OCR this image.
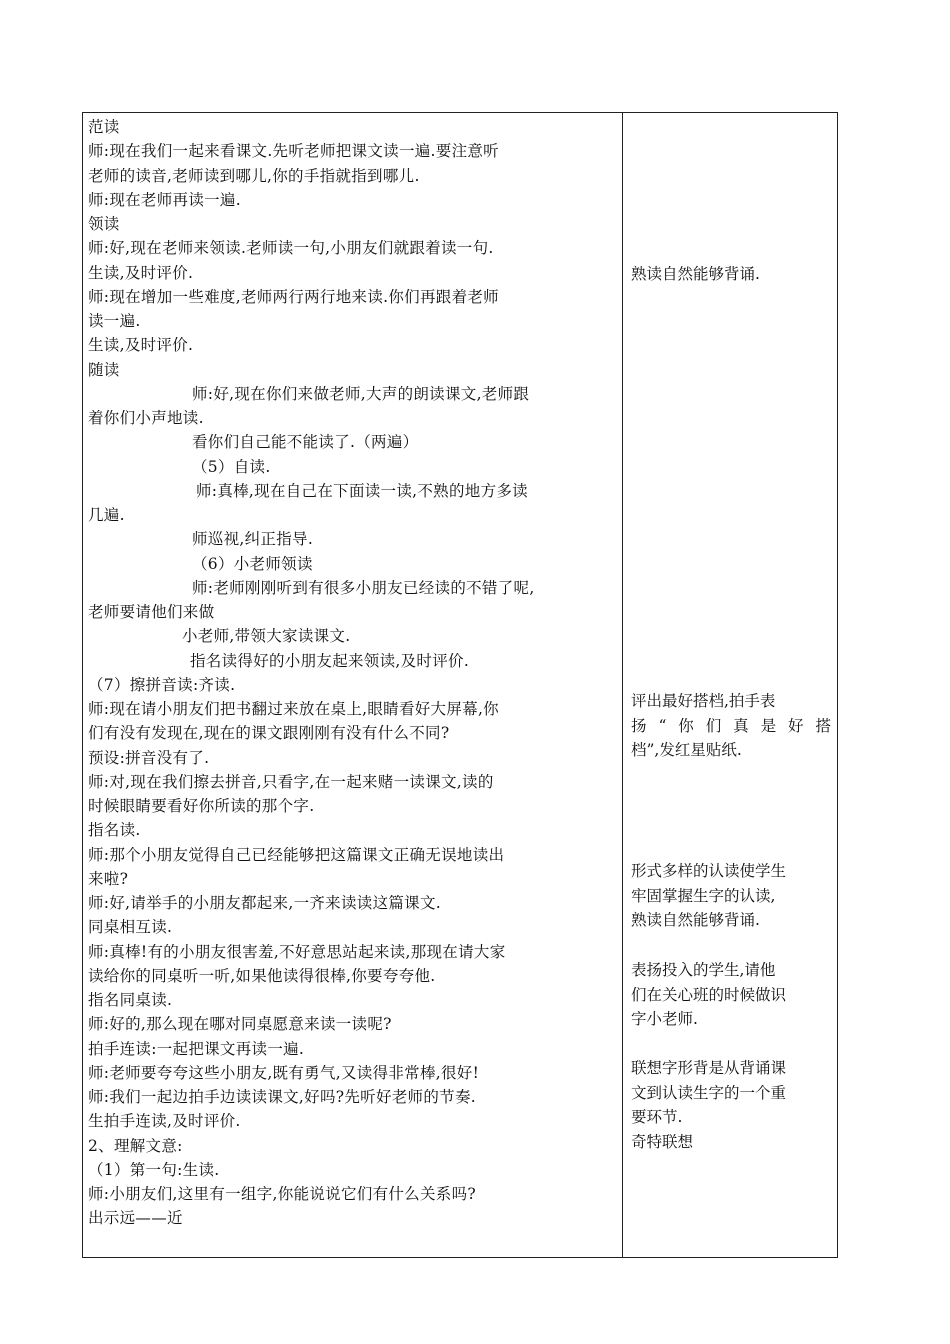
范读
师:现在我们一起来看课文.先听老师把课文读一遍.要注意听
老师的读音,老师读到哪儿,你的手指就指到哪儿.
师:现在老师再读一遍.
领读
师:好,现在老师来领读.老师读一句,小朋友们就跟着读一句.
生读,及时评价.
师:现在增加一些难度,老师两行两行地来读.你们再跟着老师
读一遍.
生读,及时评价.
随读
师:好,现在你们来做老师,大声的朗读课文,老师跟
着你们小声地读.
看你们自己能不能读了.（两遍）
（5）自读.
师:真棒,现在自己在下面读一读,不熟的地方多读
几遍.
师巡视,纠正指导.
（6）小老师领读
师:老师刚刚听到有很多小朋友已经读的不错了呢,
老师要请他们来做
小老师,带领大家读课文.
指名读得好的小朋友起来领读,及时评价.
（7）擦拼音读:齐读.
师:现在请小朋友们把书翻过来放在桌上,眼睛看好大屏幕,你
们有没有发现在,现在的课文跟刚刚有没有什么不同?
预设:拼音没有了.
师:对,现在我们擦去拼音,只看字,在一起来赌一读课文,读的
时候眼睛要看好你所读的那个字.
指名读.
师:那个小朋友觉得自己已经能够把这篇课文正确无误地读出
来啦?
师:好,请举手的小朋友都起来,一齐来读读这篇课文.
同桌相互读.
师:真棒!有的小朋友很害羞,不好意思站起来读,那现在请大家
读给你的同桌听一听,如果他读得很棒,你要夸夸他.
指名同桌读.
师:好的,那么现在哪对同桌愿意来读一读呢?
拍手连读:一起把课文再读一遍.
师:老师要夸夸这些小朋友,既有勇气,又读得非常棒,很好!
师:我们一起边拍手边读读课文,好吗?先听好老师的节奏.
生拍手连读,及时评价.
2、理解文意:
（1）第一句:生读.
师:小朋友们,这里有一组字,你能说说它们有什么关系吗?
出示远——近
熟读自然能够背诵.
评出最好搭档,拍手表
扬“你们真是好搭
档”,发红星贴纸.
形式多样的认读使学生
牢固掌握生字的认读,
熟读自然能够背诵.
表扬投入的学生,请他
们在关心班的时候做识
字小老师.
联想字形背是从背诵课
文到认读生字的一个重
要环节.
奇特联想
